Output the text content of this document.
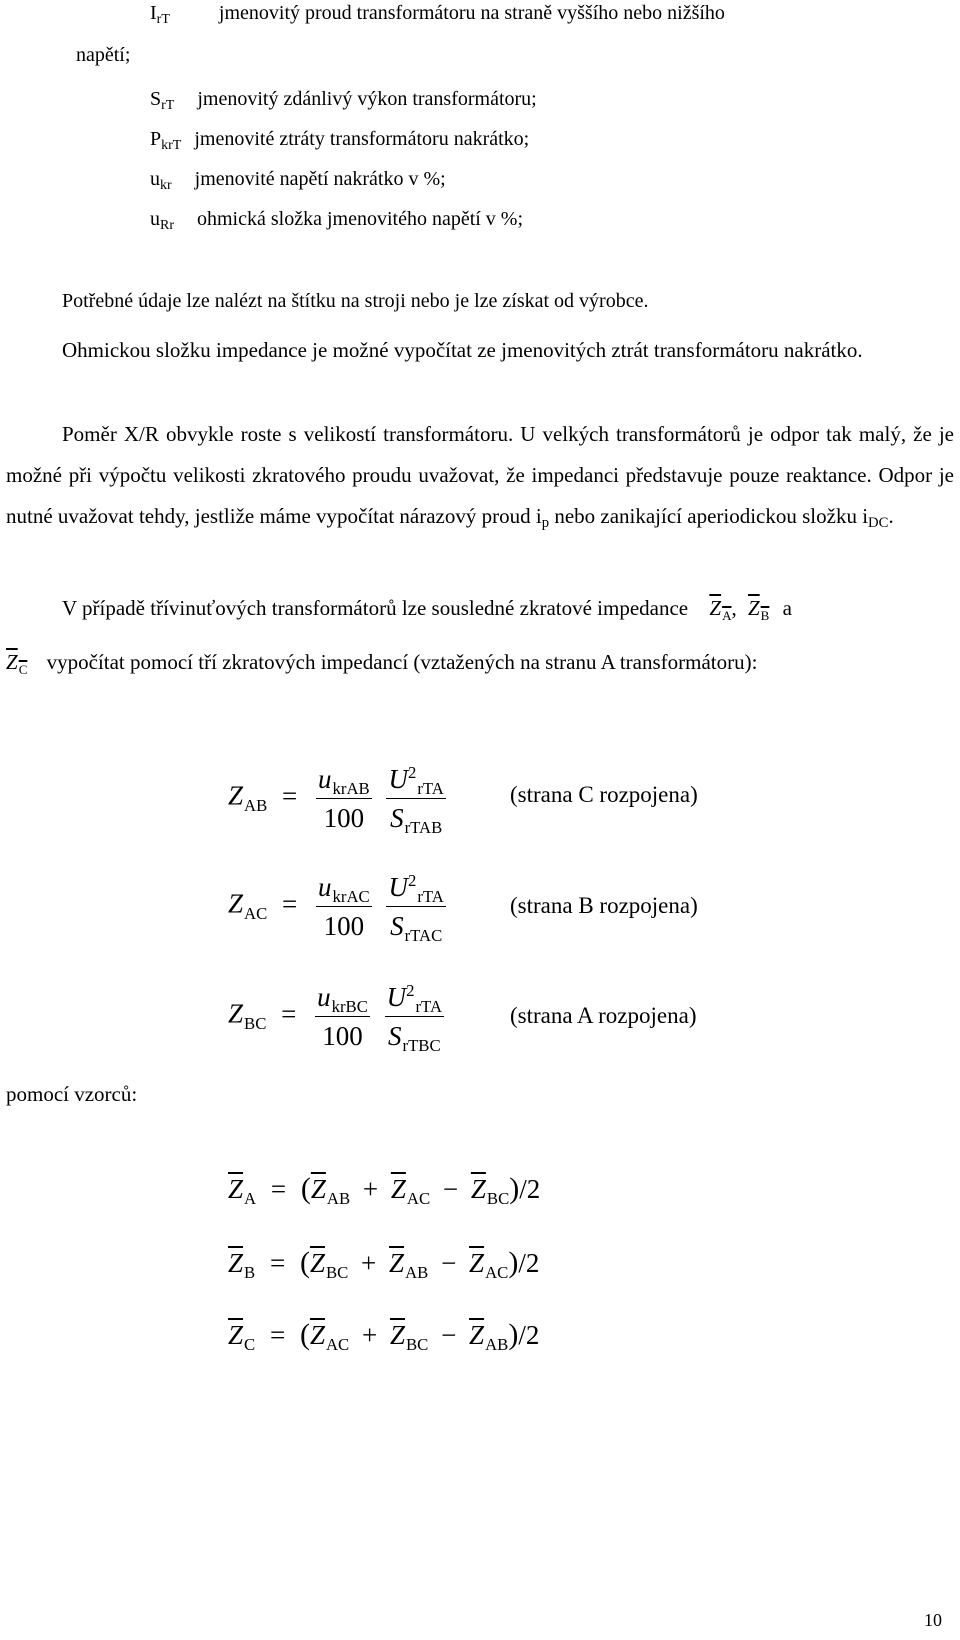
$I_{rT}$ jmenovitý proud transformátoru na straně vyššího nebo nižšího
napětí;
$S_{rT}$ jmenovitý zdánlivý výkon transformátoru;
$P_{krT}$ jmenovité ztráty transformátoru nakrátko;
$u_{kr}$ jmenovité napětí nakrátko v %;
$u_{Rr}$ ohmická složka jmenovitého napětí v %;
Potřebné údaje lze nalézt na štítku na stroji nebo je lze získat od výrobce.
Ohmickou složku impedance je možné vypočítat ze jmenovitých ztrát transformátoru nakrátko.
Poměr X/R obvykle roste s velikostí transformátoru. U velkých transformátorů je odpor tak malý, že je možné při výpočtu velikosti zkratového proudu uvažovat, že impedanci představuje pouze reaktance. Odpor je nutné uvažovat tehdy, jestliže máme vypočítat nárazový proud $i_p$ nebo zanikající aperiodickou složku $i_{DC}$.
V případě třívinuťových transformátorů lze sousledné zkratové impedance $Z_A$, $Z_B$ a
$Z_C$ vypočítat pomocí tří zkratových impedancí (vztažených na stranu A transformátoru):
$Z_{AB} = \frac{u_{krAB}}{100}$
$\frac{U^2_{rTA}}{S_{rTAB}}$	(strana C rozpojena)
$Z_{AC} = \frac{u_{krAC}}{100}$
$\frac{U^2_{rTA}}{S_{rTAC}}$	(strana B rozpojena)
$Z_{BC} = \frac{u_{krBC}}{100}$
$\frac{U^2_{rTA}}{S_{rTBC}}$	(strana A rozpojena)
pomocí vzorců:
$\overline{Z}_A = (\overline{Z}_{AB} + \overline{Z}_{AC} - \overline{Z}_{BC})/2$
$\overline{Z}_B = (\overline{Z}_{BC} + \overline{Z}_{AB} - \overline{Z}_{AC})/2$
$\overline{Z}_C = (\overline{Z}_{AC} + \overline{Z}_{BC} - \overline{Z}_{AB})/2$
10
